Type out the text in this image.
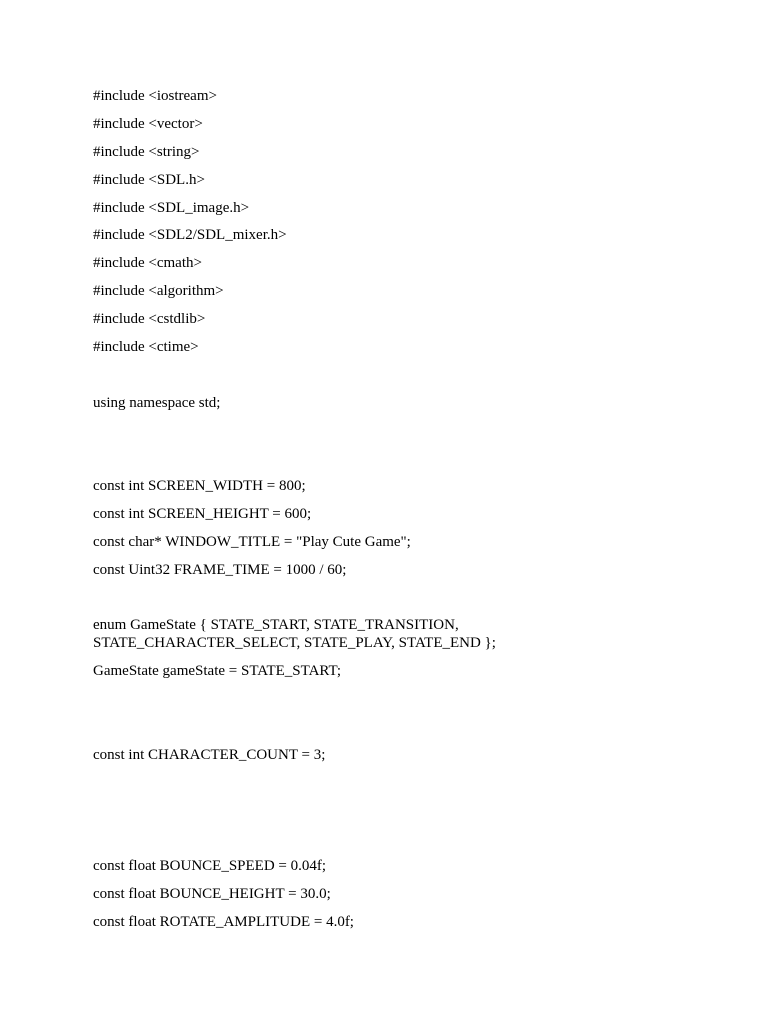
#include <iostream>

#include <vector>

#include <string>

#include <SDL.h>

#include <SDL_image.h>

#include <SDL2/SDL_mixer.h>

#include <cmath>

#include <algorithm>

#include <cstdlib>

#include <ctime>

using namespace std;

const int SCREEN_WIDTH = 800;

const int SCREEN_HEIGHT = 600;

const char* WINDOW_TITLE = "Play Cute Game";

const Uint32 FRAME_TIME = 1000 / 60;

enum GameState { STATE_START, STATE_TRANSITION,

STATE_CHARACTER_SELECT, STATE_PLAY, STATE_END };

GameState gameState = STATE_START;

const int CHARACTER_COUNT = 3;

const float BOUNCE_SPEED = 0.04f;

const float BOUNCE_HEIGHT = 30.0;

const float ROTATE_AMPLITUDE = 4.0f;
